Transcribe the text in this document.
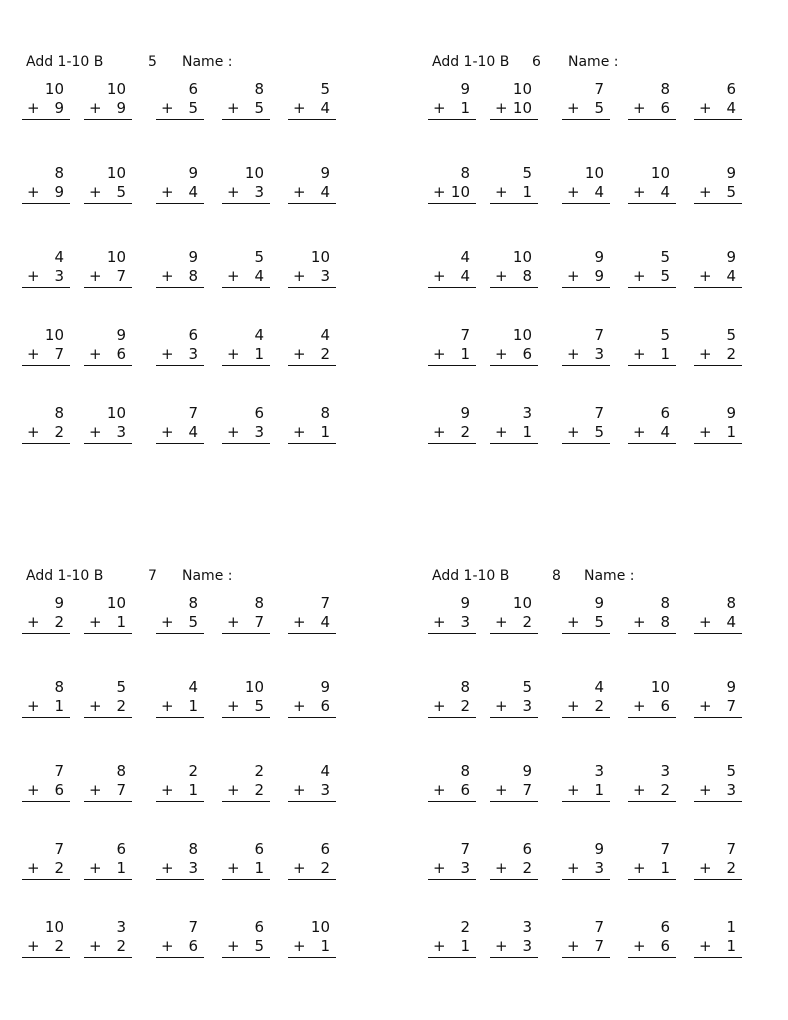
Add 1-10 B	5 Name :
10
+ 9
10
+ 9
6
+ 5
8
+ 5
5
+ 4
8
+ 9
10
+ 5
9
+ 4
10
+ 3
9
+ 4
4
+ 3
10
+ 7
9
+ 8
5
+ 4
10
+ 3
10
+ 7
9
+ 6
6
+ 3
4
+ 1
4
+ 2
8
+ 2
10
+ 3
7
+ 4
6
+ 3
8
+ 1
Add 1-10 B 6 Name :
9
+ 1
10
+ 10
7
+ 5
8
+ 6
6
+ 4
8
+ 10
5
+ 1
10
+ 4
10
+ 4
9
+ 5
4
+ 4
10
+ 8
9
+ 9
5
+ 5
9
+ 4
7
+ 1
10
+ 6
7
+ 3
5
+ 1
5
+ 2
9
+ 2
3
+ 1
7
+ 5
6
+ 4
9
+ 1
Add 1-10 B	7 Name :
9
+ 2
10
+ 1
8
+ 5
8
+ 7
7
+ 4
8
+ 1
5
+ 2
4
+ 1
10
+ 5
9
+ 6
7
+ 6
8
+ 7
2
+ 1
2
+ 2
4
+ 3
7
+ 2
6
+ 1
8
+ 3
6
+ 1
6
+ 2
10
+ 2
3
+ 2
7
+ 6
6
+ 5
10
+ 1
Add 1-10 B	8 Name :
9
+ 3
10
+ 2
9
+ 5
8
+ 8
8
+ 4
8
+ 2
5
+ 3
4
+ 2
10
+ 6
9
+ 7
8
+ 6
9
+ 7
3
+ 1
3
+ 2
5
+ 3
7
+ 3
6
+ 2
9
+ 3
7
+ 1
7
+ 2
2
+ 1
3
+ 3
7
+ 7
6
+ 6
1
+ 1
